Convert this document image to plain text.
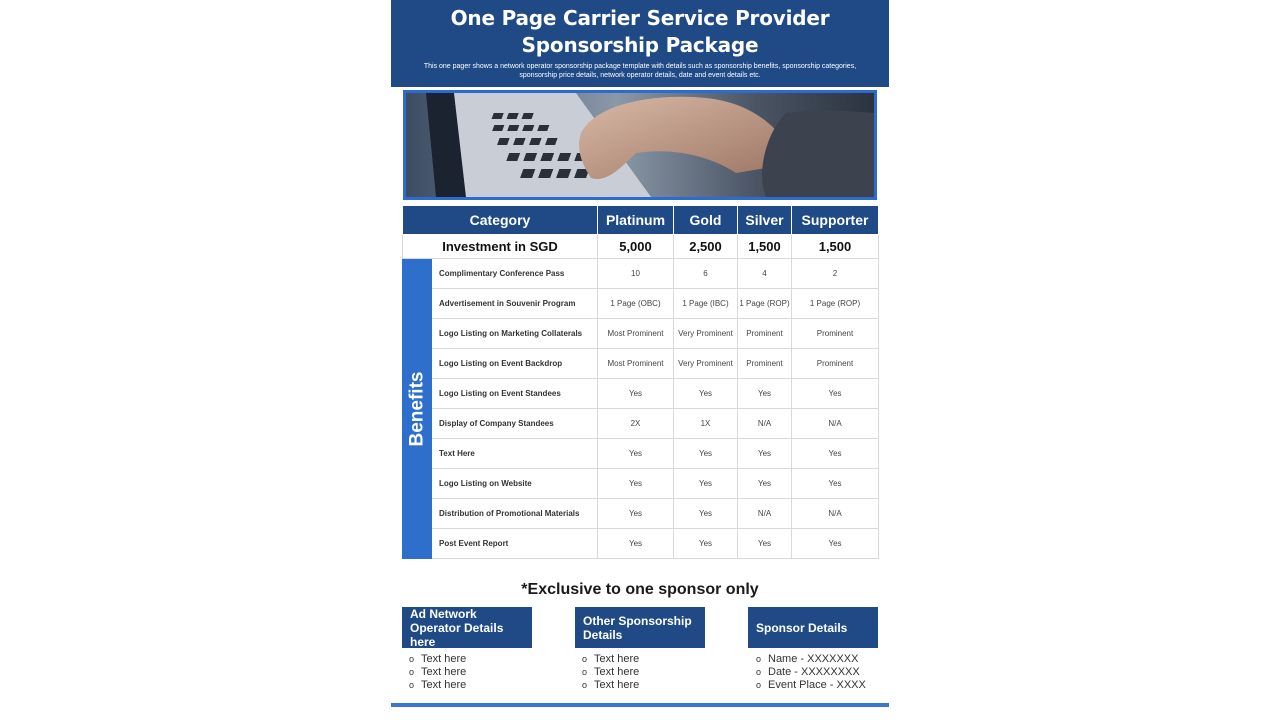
One Page Carrier Service Provider
Sponsorship Package
This one pager shows a network operator sponsorship package template with details such as sponsorship benefits, sponsorship categories, sponsorship price details, network operator details, date and event details etc.
Category		Platinum	Gold	Silver	Supporter
Investment in SGD		5,000	2,500	1,500	1,500

Benefits	Complimentary Conference Pass	10	6	4	2
	Advertisement in Souvenir Program	1 Page (OBC)	1 Page (IBC)	1 Page (ROP)	1 Page (ROP)
	Logo Listing on Marketing Collaterals	Most Prominent	Very Prominent	Prominent	Prominent
	Logo Listing on Event Backdrop	Most Prominent	Very Prominent	Prominent	Prominent
	Logo Listing on Event Standees	Yes	Yes	Yes	Yes
	Display of Company Standees	2X	1X	N/A	N/A
	Text Here	Yes	Yes	Yes	Yes
	Logo Listing on Website	Yes	Yes	Yes	Yes
	Distribution of Promotional Materials	Yes	Yes	N/A	N/A
	Post Event Report	Yes	Yes	Yes	Yes
*Exclusive to one sponsor only
Ad Network Operator Details here
Other Sponsorship Details	Sponsor Details
o Text here
o Text here
o Text here
o Text here
o Text here
o Text here
o Name - XXXXXXX
o Date - XXXXXXXX
o Event Place - XXXX
